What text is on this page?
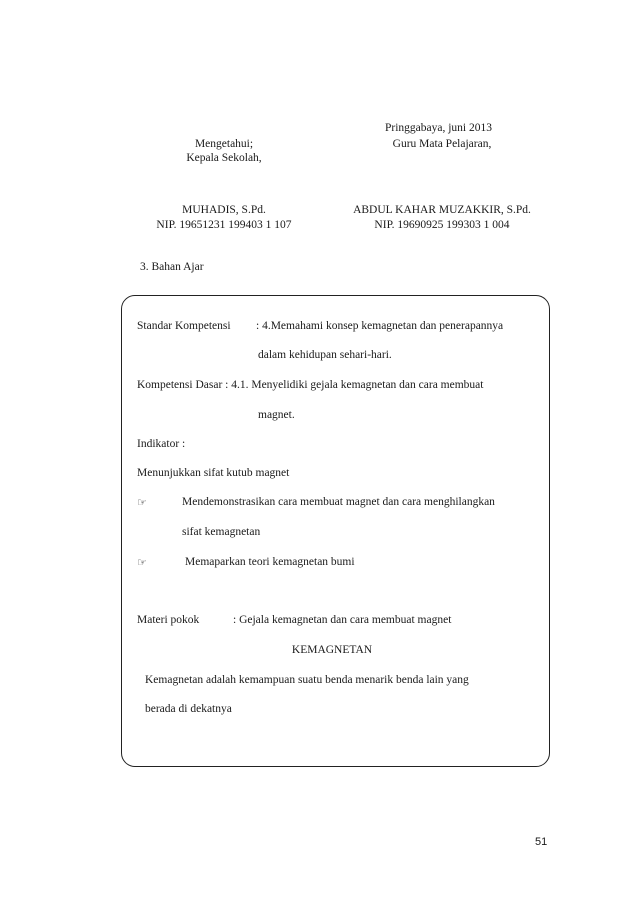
Pringgabaya, juni 2013
Mengetahui;
Kepala Sekolah,
Guru Mata Pelajaran,
MUHADIS, S.Pd.
NIP. 19651231 199403 1 107
ABDUL KAHAR MUZAKKIR, S.Pd.
NIP. 19690925 199303 1 004
3. Bahan Ajar
Standar Kompetensi : 4.Memahami konsep kemagnetan dan penerapannya
dalam kehidupan sehari-hari.
Kompetensi Dasar : 4.1. Menyelidiki gejala kemagnetan dan cara membuat
magnet.
Indikator :
Menunjukkan sifat kutub magnet
☞	Mendemonstrasikan cara membuat magnet dan cara menghilangkan
sifat kemagnetan
☞	Memaparkan teori kemagnetan bumi
Materi pokok	: Gejala kemagnetan dan cara membuat magnet
KEMAGNETAN
Kemagnetan adalah kemampuan suatu benda menarik benda lain yang
berada di dekatnya
51
